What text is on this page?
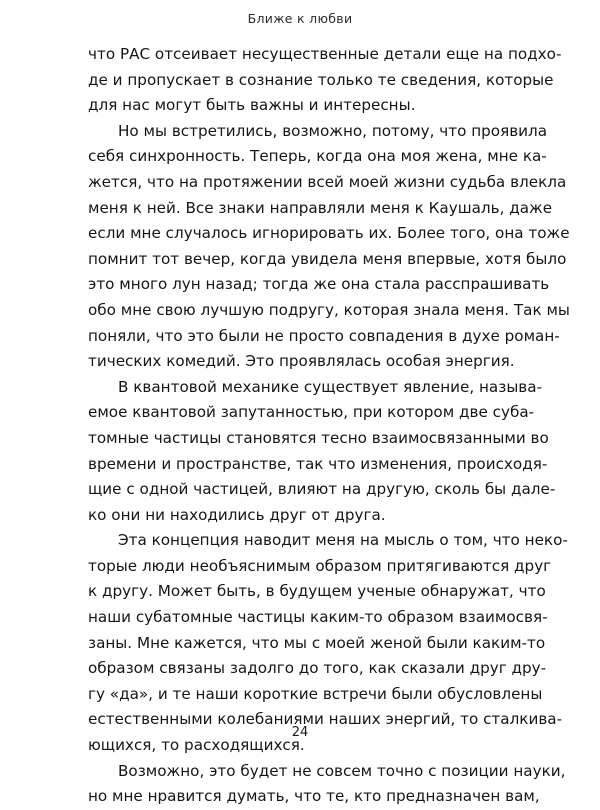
Ближе к любви

что РАС отсеивает несущественные детали еще на подхо-
де и пропускает в сознание только те сведения, которые
для нас могут быть важны и интересны.

Но мы встретились, возможно, потому, что проявила
себя синхронность. Теперь, когда она моя жена, мне ка-
жется, что на протяжении всей моей жизни судьба влекла
меня к ней. Все знаки направляли меня к Каушаль, даже
если мне случалось игнорировать их. Более того, она тоже
помнит тот вечер, когда увидела меня впервые, хотя было
это много лун назад; тогда же она стала расспрашивать
обо мне свою лучшую подругу, которая знала меня. Так мы
поняли, что это были не просто совпадения в духе роман-
тических комедий. Это проявлялась особая энергия.

В квантовой механике существует явление, называ-
емое квантовой запутанностью, при котором две суба-
томные частицы становятся тесно взаимосвязанными во
времени и пространстве, так что изменения, происходя-
щие с одной частицей, влияют на другую, сколь бы дале-
ко они ни находились друг от друга.

Эта концепция наводит меня на мысль о том, что неко-
торые люди необъяснимым образом притягиваются друг
к другу. Может быть, в будущем ученые обнаружат, что
наши субатомные частицы каким-то образом взаимосвя-
заны. Мне кажется, что мы с моей женой были каким-то
образом связаны задолго до того, как сказали друг дру-
гу «да», и те наши короткие встречи были обусловлены
естественными колебаниями наших энергий, то сталкива-
ющихся, то расходящихся.

Возможно, это будет не совсем точно с позиции науки,
но мне нравится думать, что те, кто предназначен вам,

24
